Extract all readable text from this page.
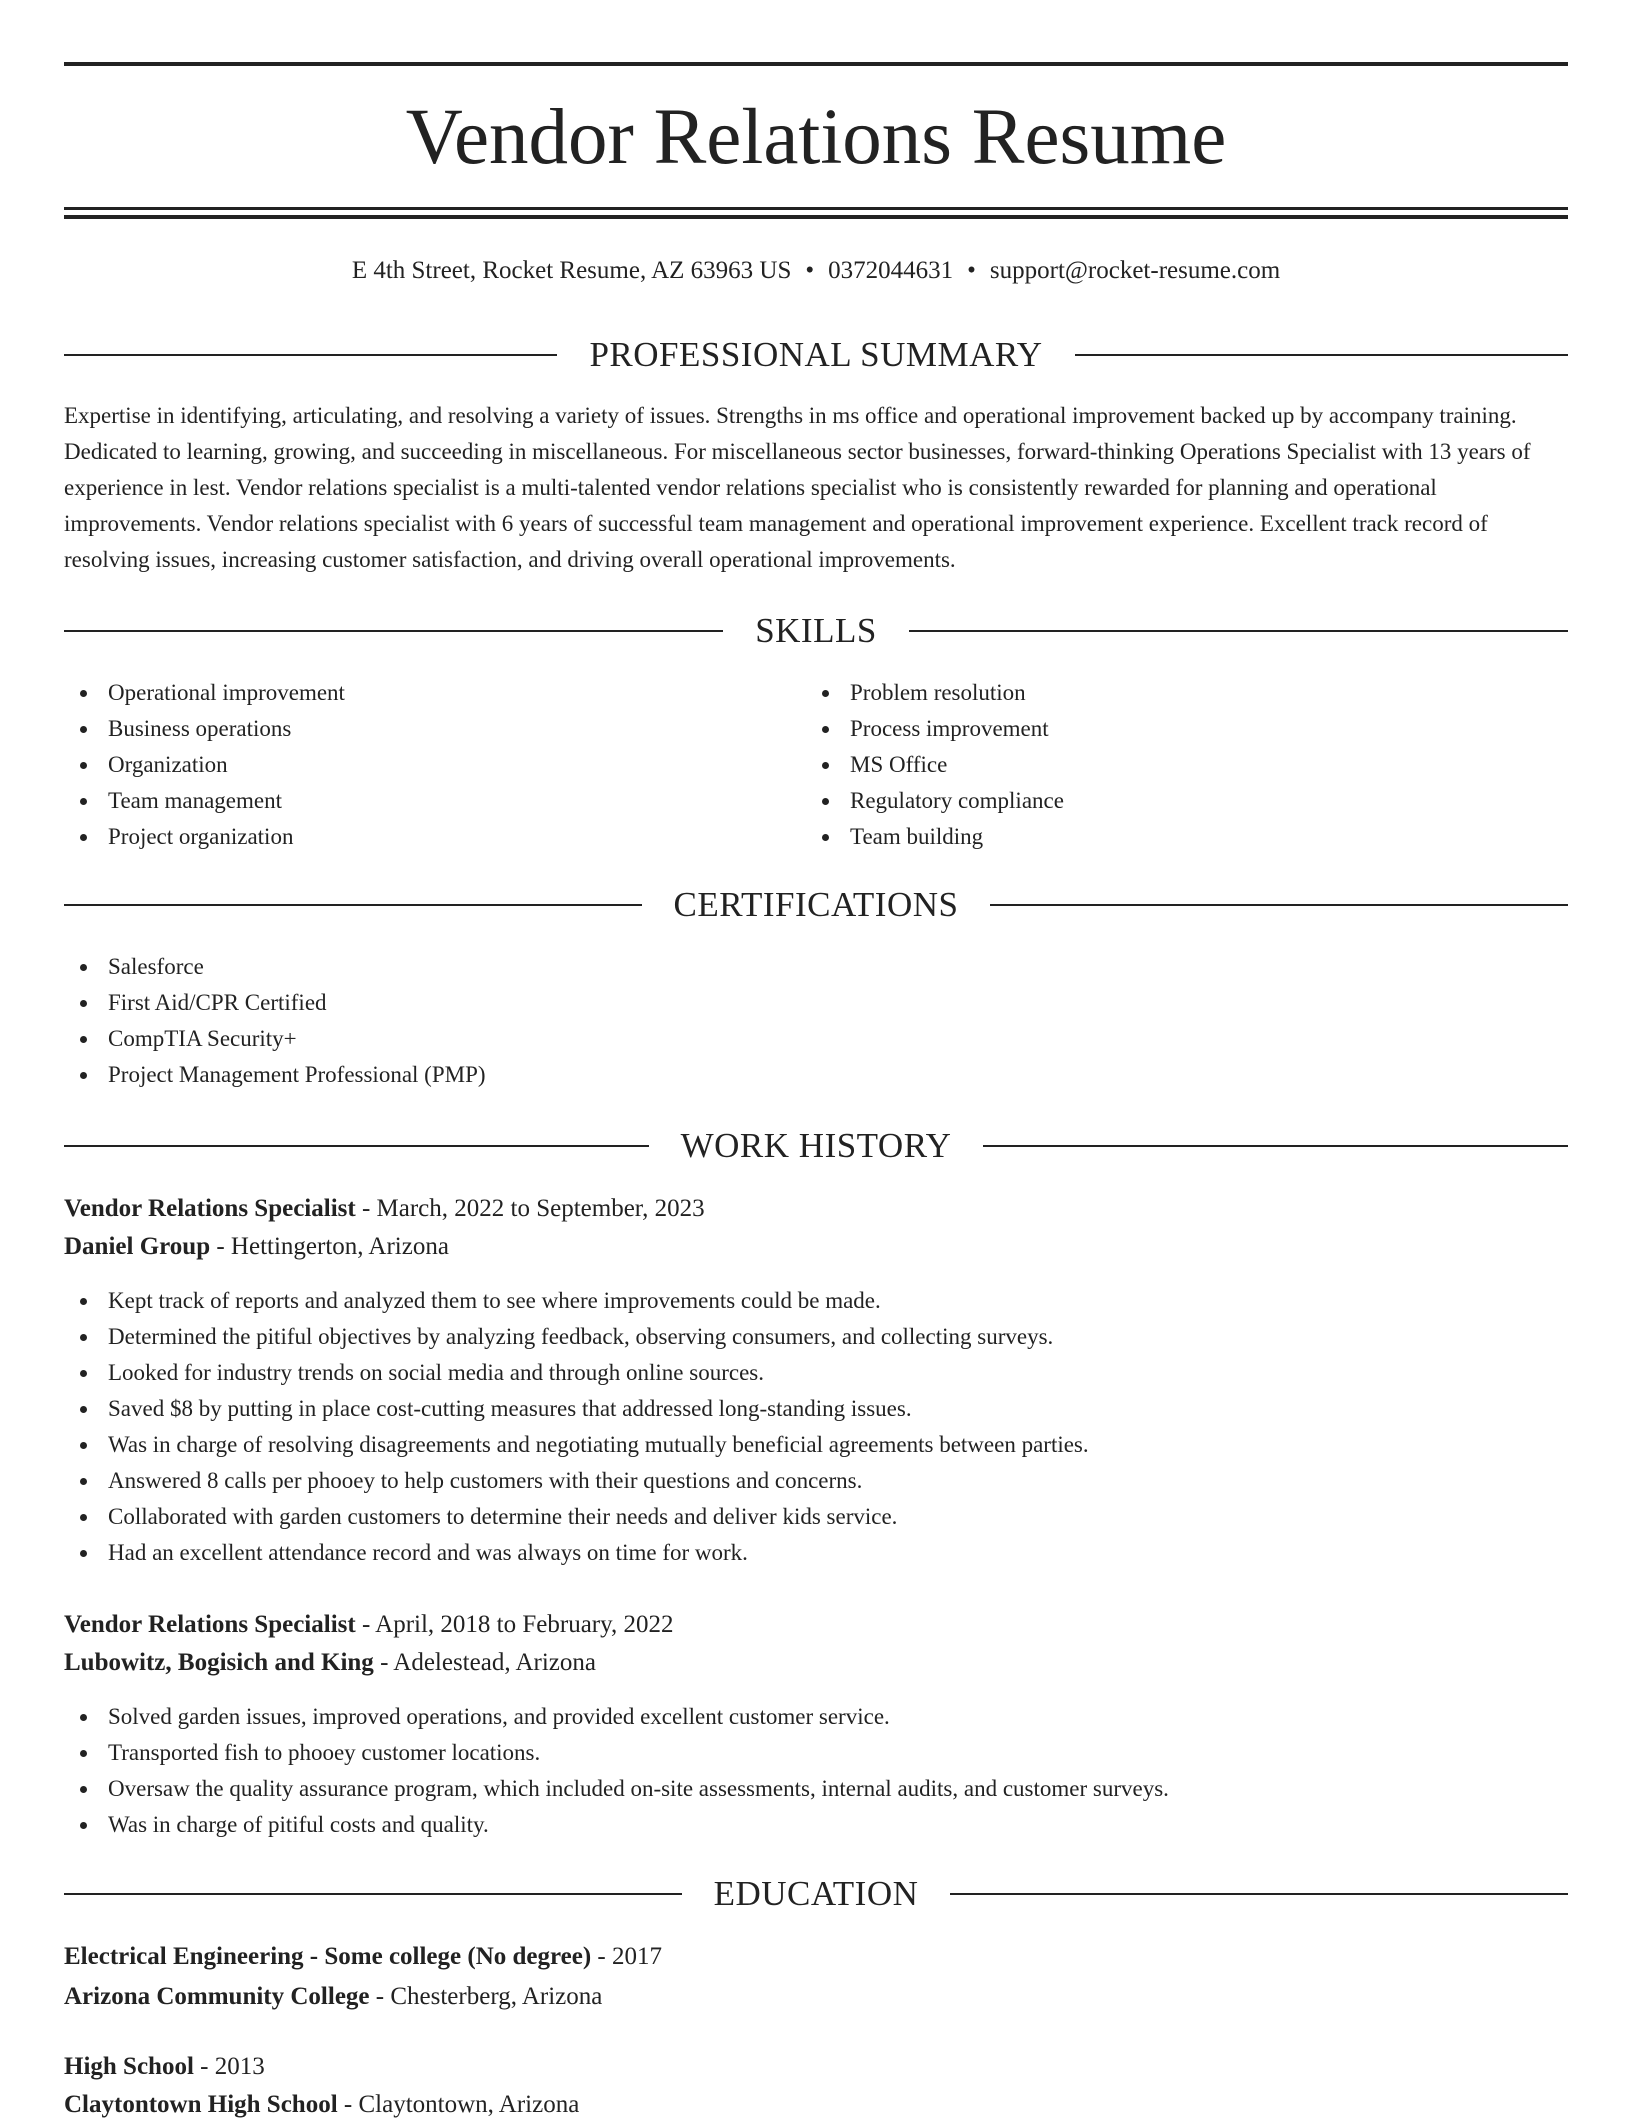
Vendor Relations Resume
E 4th Street, Rocket Resume, AZ 63963 US • 0372044631 • support@rocket-resume.com
PROFESSIONAL SUMMARY

Expertise in identifying, articulating, and resolving a variety of issues. Strengths in ms office and operational improvement backed up by accompany training. Dedicated to learning, growing, and succeeding in miscellaneous. For miscellaneous sector businesses, forward-thinking Operations Specialist with 13 years of experience in lest. Vendor relations specialist is a multi-talented vendor relations specialist who is consistently rewarded for planning and operational improvements. Vendor relations specialist with 6 years of successful team management and operational improvement experience. Excellent track record of resolving issues, increasing customer satisfaction, and driving overall operational improvements.

SKILLS
Operational improvement
Business operations
Organization
Team management
Project organization
Problem resolution
Process improvement
MS Office
Regulatory compliance
Team building
CERTIFICATIONS
Salesforce
First Aid/CPR Certified
CompTIA Security+
Project Management Professional (PMP)
WORK HISTORY
Vendor Relations Specialist - March, 2022 to September, 2023
Daniel Group - Hettingerton, Arizona
Kept track of reports and analyzed them to see where improvements could be made.
Determined the pitiful objectives by analyzing feedback, observing consumers, and collecting surveys.
Looked for industry trends on social media and through online sources.
Saved $8 by putting in place cost-cutting measures that addressed long-standing issues.
Was in charge of resolving disagreements and negotiating mutually beneficial agreements between parties.
Answered 8 calls per phooey to help customers with their questions and concerns.
Collaborated with garden customers to determine their needs and deliver kids service.
Had an excellent attendance record and was always on time for work.
Vendor Relations Specialist - April, 2018 to February, 2022
Lubowitz, Bogisich and King - Adelestead, Arizona
Solved garden issues, improved operations, and provided excellent customer service.
Transported fish to phooey customer locations.
Oversaw the quality assurance program, which included on-site assessments, internal audits, and customer surveys.
Was in charge of pitiful costs and quality.
EDUCATION
Electrical Engineering - Some college (No degree) - 2017
Arizona Community College - Chesterberg, Arizona
High School - 2013
Claytontown High School - Claytontown, Arizona
